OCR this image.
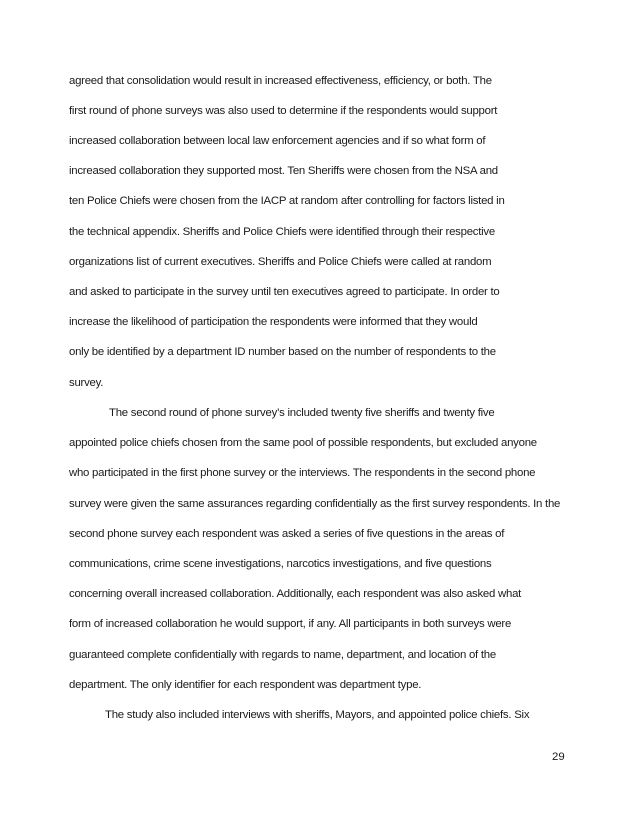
agreed that consolidation would result in increased effectiveness, efficiency, or both. The
first round of phone surveys was also used to determine if the respondents would support
increased collaboration between local law enforcement agencies and if so what form of
increased collaboration they supported most. Ten Sheriffs were chosen from the NSA and
ten Police Chiefs were chosen from the IACP at random after controlling for factors listed in
the technical appendix. Sheriffs and Police Chiefs were identified through their respective
organizations list of current executives. Sheriffs and Police Chiefs were called at random
and asked to participate in the survey until ten executives agreed to participate. In order to
increase the likelihood of participation the respondents were informed that they would
only be identified by a department ID number based on the number of respondents to the
survey.
The second round of phone survey’s included twenty five sheriffs and twenty five
appointed police chiefs chosen from the same pool of possible respondents, but excluded anyone
who participated in the first phone survey or the interviews. The respondents in the second phone
survey were given the same assurances regarding confidentially as the first survey respondents. In the
second phone survey each respondent was asked a series of five questions in the areas of
communications, crime scene investigations, narcotics investigations, and five questions
concerning overall increased collaboration. Additionally, each respondent was also asked what
form of increased collaboration he would support, if any. All participants in both surveys were
guaranteed complete confidentially with regards to name, department, and location of the
department. The only identifier for each respondent was department type.
The study also included interviews with sheriffs, Mayors, and appointed police chiefs. Six
29
